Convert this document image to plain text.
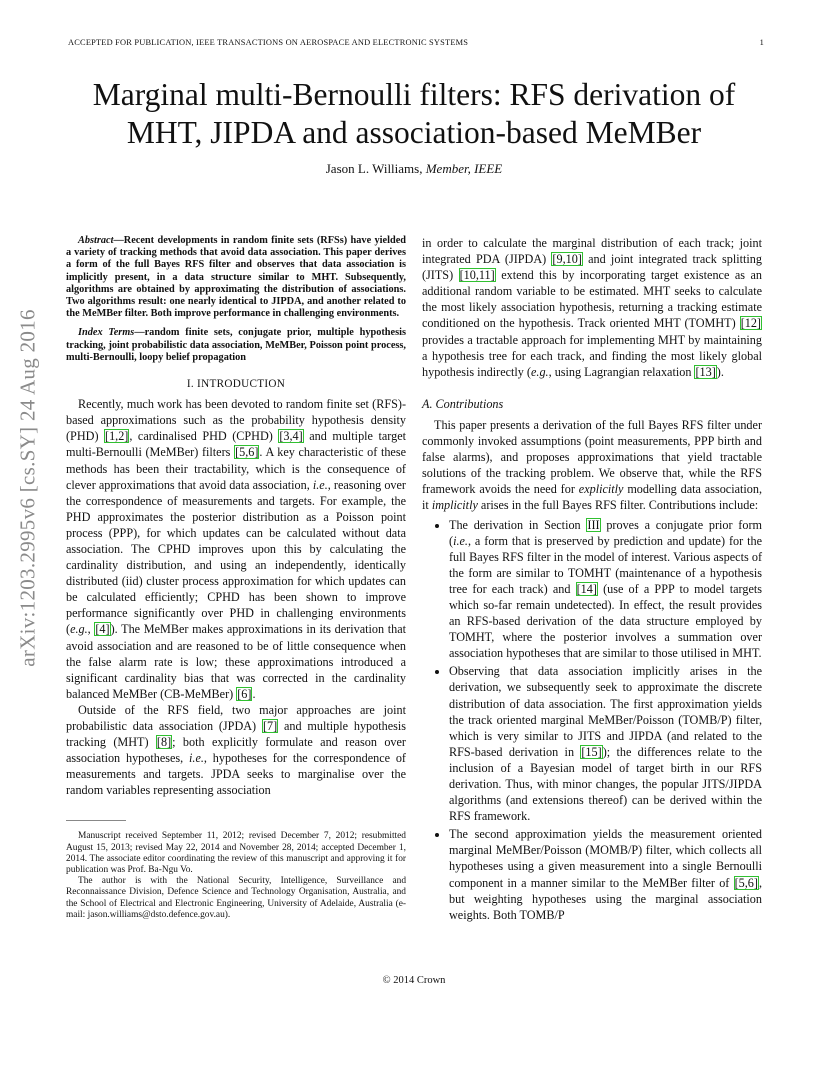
ACCEPTED FOR PUBLICATION, IEEE TRANSACTIONS ON AEROSPACE AND ELECTRONIC SYSTEMS	1
Marginal multi-Bernoulli filters: RFS derivation of
MHT, JIPDA and association-based MeMBer
Jason L. Williams, Member, IEEE
arXiv:1203.2995v6 [cs.SY] 24 Aug 2016

Abstract—Recent developments in random finite sets (RFSs) have yielded a variety of tracking methods that avoid data association. This paper derives a form of the full Bayes RFS filter and observes that data association is implicitly present, in a data structure similar to MHT. Subsequently, algorithms are obtained by approximating the distribution of associations. Two algorithms result: one nearly identical to JIPDA, and another related to the MeMBer filter. Both improve performance in challenging environments.

Index Terms—random finite sets, conjugate prior, multiple hypothesis tracking, joint probabilistic data association, MeMBer, Poisson point process, multi-Bernoulli, loopy belief propagation

I. INTRODUCTION

Recently, much work has been devoted to random finite set (RFS)-based approximations such as the probability hypothesis density (PHD) [1,2], cardinalised PHD (CPHD) [3,4] and multiple target multi-Bernoulli (MeMBer) filters [5,6]. A key characteristic of these methods has been their tractability, which is the consequence of clever approximations that avoid data association, i.e., reasoning over the correspondence of measurements and targets. For example, the PHD approximates the posterior distribution as a Poisson point process (PPP), for which updates can be calculated without data association. The CPHD improves upon this by calculating the cardinality distribution, and using an independently, identically distributed (iid) cluster process approximation for which updates can be calculated efficiently; CPHD has been shown to improve performance significantly over PHD in challenging environments (e.g., [4]). The MeMBer makes approximations in its derivation that avoid association and are reasoned to be of little consequence when the false alarm rate is low; these approximations introduced a significant cardinality bias that was corrected in the cardinality balanced MeMBer (CB-MeMBer) [6].

Outside of the RFS field, two major approaches are joint probabilistic data association (JPDA) [7] and multiple hypothesis tracking (MHT) [8]; both explicitly formulate and reason over association hypotheses, i.e., hypotheses for the correspondence of measurements and targets. JPDA seeks to marginalise over the random variables representing association

Manuscript received September 11, 2012; revised December 7, 2012; resubmitted August 15, 2013; revised May 22, 2014 and November 28, 2014; accepted December 1, 2014. The associate editor coordinating the review of this manuscript and approving it for publication was Prof. Ba-Ngu Vo.

The author is with the National Security, Intelligence, Surveillance and Reconnaissance Division, Defence Science and Technology Organisation, Australia, and the School of Electrical and Electronic Engineering, University of Adelaide, Australia (e-mail: jason.williams@dsto.defence.gov.au).

in order to calculate the marginal distribution of each track; joint integrated PDA (JIPDA) [9,10] and joint integrated track splitting (JITS) [10,11] extend this by incorporating target existence as an additional random variable to be estimated. MHT seeks to calculate the most likely association hypothesis, returning a tracking estimate conditioned on the hypothesis. Track oriented MHT (TOMHT) [12] provides a tractable approach for implementing MHT by maintaining a hypothesis tree for each track, and finding the most likely global hypothesis indirectly (e.g., using Lagrangian relaxation [13]).

A. Contributions

This paper presents a derivation of the full Bayes RFS filter under commonly invoked assumptions (point measurements, PPP birth and false alarms), and proposes approximations that yield tractable solutions of the tracking problem. We observe that, while the RFS framework avoids the need for explicitly modelling data association, it implicitly arises in the full Bayes RFS filter. Contributions include:

• The derivation in Section III proves a conjugate prior form (i.e., a form that is preserved by prediction and update) for the full Bayes RFS filter in the model of interest. Various aspects of the form are similar to TOMHT (maintenance of a hypothesis tree for each track) and [14] (use of a PPP to model targets which so-far remain undetected). In effect, the result provides an RFS-based derivation of the data structure employed by TOMHT, where the posterior involves a summation over association hypotheses that are similar to those utilised in MHT.
• Observing that data association implicitly arises in the derivation, we subsequently seek to approximate the discrete distribution of data association. The first approximation yields the track oriented marginal MeMBer/Poisson (TOMB/P) filter, which is very similar to JITS and JIPDA (and related to the RFS-based derivation in [15]); the differences relate to the inclusion of a Bayesian model of target birth in our RFS derivation. Thus, with minor changes, the popular JITS/JIPDA algorithms (and extensions thereof) can be derived within the RFS framework.
• The second approximation yields the measurement oriented marginal MeMBer/Poisson (MOMB/P) filter, which collects all hypotheses using a given measurement into a single Bernoulli component in a manner similar to the MeMBer filter of [5,6], but weighting hypotheses using the marginal association weights. Both TOMB/P
© 2014 Crown
